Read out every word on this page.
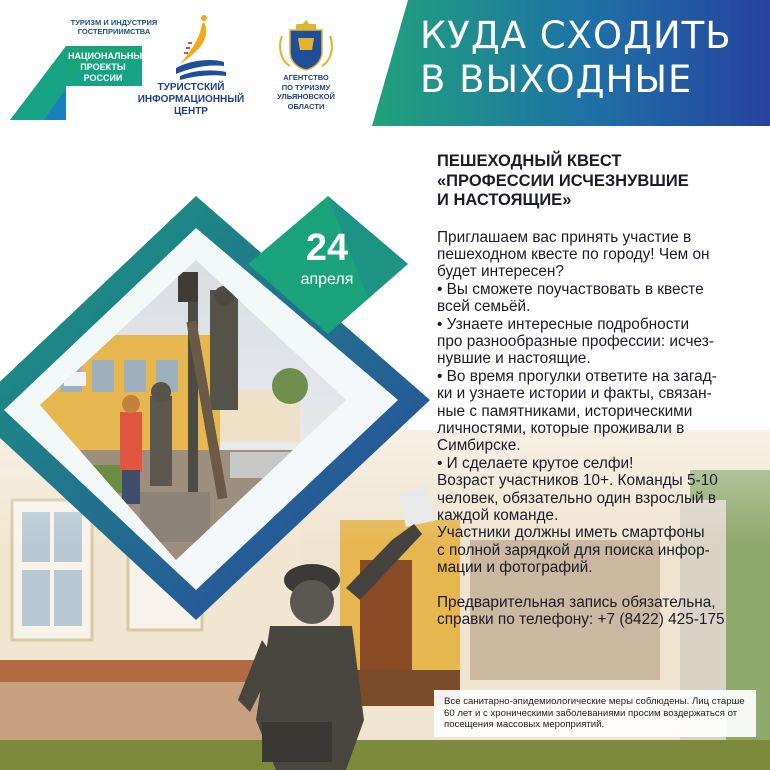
ТУРИЗМ И ИНДУСТРИЯ
ГОСТЕПРИИМСТВА
НАЦИОНАЛЬНЫЕ
ПРОЕКТЫ
РОССИИ
ТУРИСТСКИЙ
ИНФОРМАЦИОННЫЙ
ЦЕНТР
АГЕНТСТВО
ПО ТУРИЗМУ
УЛЬЯНОВСКОЙ
ОБЛАСТИ
КУДА СХОДИТЬ
В ВЫХОДНЫЕ
24
апреля
ПЕШЕХОДНЫЙ КВЕСТ
«ПРОФЕССИИ ИСЧЕЗНУВШИЕ
И НАСТОЯЩИЕ»
Приглашаем вас принять участие в
пешеходном квесте по городу! Чем он
будет интересен?
• Вы сможете поучаствовать в квесте
всей семьёй.
• Узнаете интересные подробности
про разнообразные профессии: исчез-
нувшие и настоящие.
• Во время прогулки ответите на загад-
ки и узнаете истории и факты, связан-
ные с памятниками, историческими
личностями, которые проживали в
Симбирске.
• И сделаете крутое селфи!
Возраст участников 10+. Команды 5-10
человек, обязательно один взрослый в
каждой команде.
Участники должны иметь смартфоны
с полной зарядкой для поиска инфор-
мации и фотографий.
Предварительная запись обязательна,
справки по телефону: +7 (8422) 425-175
Все санитарно-эпидемиологические меры соблюдены. Лиц старше 60 лет и с хроническими заболеваниями просим воздержаться от посещения массовых мероприятий.
